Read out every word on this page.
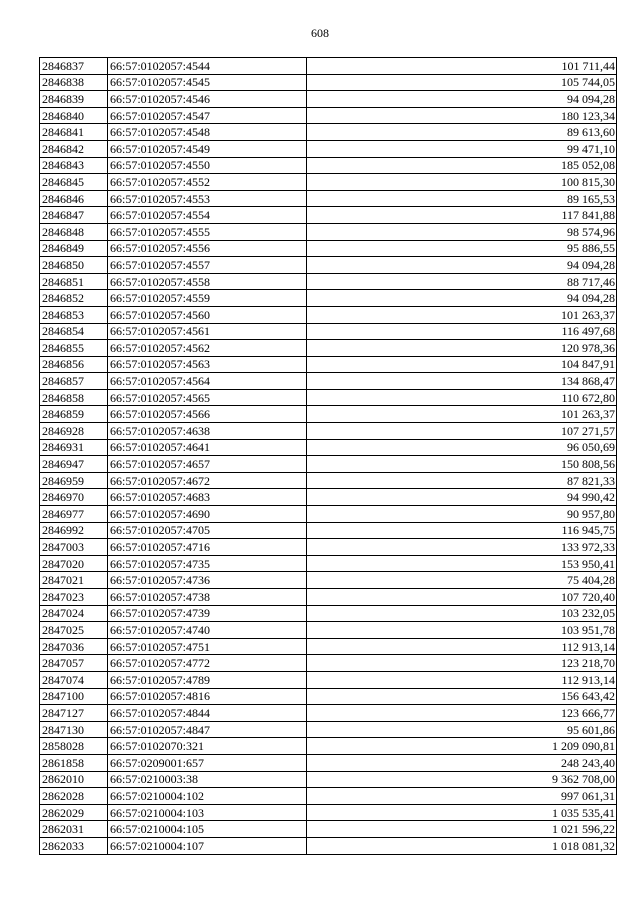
608
2846837	66:57:0102057:4544	101 711,44
2846838	66:57:0102057:4545	105 744,05
2846839	66:57:0102057:4546	94 094,28
2846840	66:57:0102057:4547	180 123,34
2846841	66:57:0102057:4548	89 613,60
2846842	66:57:0102057:4549	99 471,10
2846843	66:57:0102057:4550	185 052,08
2846845	66:57:0102057:4552	100 815,30
2846846	66:57:0102057:4553	89 165,53
2846847	66:57:0102057:4554	117 841,88
2846848	66:57:0102057:4555	98 574,96
2846849	66:57:0102057:4556	95 886,55
2846850	66:57:0102057:4557	94 094,28
2846851	66:57:0102057:4558	88 717,46
2846852	66:57:0102057:4559	94 094,28
2846853	66:57:0102057:4560	101 263,37
2846854	66:57:0102057:4561	116 497,68
2846855	66:57:0102057:4562	120 978,36
2846856	66:57:0102057:4563	104 847,91
2846857	66:57:0102057:4564	134 868,47
2846858	66:57:0102057:4565	110 672,80
2846859	66:57:0102057:4566	101 263,37
2846928	66:57:0102057:4638	107 271,57
2846931	66:57:0102057:4641	96 050,69
2846947	66:57:0102057:4657	150 808,56
2846959	66:57:0102057:4672	87 821,33
2846970	66:57:0102057:4683	94 990,42
2846977	66:57:0102057:4690	90 957,80
2846992	66:57:0102057:4705	116 945,75
2847003	66:57:0102057:4716	133 972,33
2847020	66:57:0102057:4735	153 950,41
2847021	66:57:0102057:4736	75 404,28
2847023	66:57:0102057:4738	107 720,40
2847024	66:57:0102057:4739	103 232,05
2847025	66:57:0102057:4740	103 951,78
2847036	66:57:0102057:4751	112 913,14
2847057	66:57:0102057:4772	123 218,70
2847074	66:57:0102057:4789	112 913,14
2847100	66:57:0102057:4816	156 643,42
2847127	66:57:0102057:4844	123 666,77
2847130	66:57:0102057:4847	95 601,86
2858028	66:57:0102070:321	1 209 090,81
2861858	66:57:0209001:657	248 243,40
2862010	66:57:0210003:38	9 362 708,00
2862028	66:57:0210004:102	997 061,31
2862029	66:57:0210004:103	1 035 535,41
2862031	66:57:0210004:105	1 021 596,22
2862033	66:57:0210004:107	1 018 081,32
